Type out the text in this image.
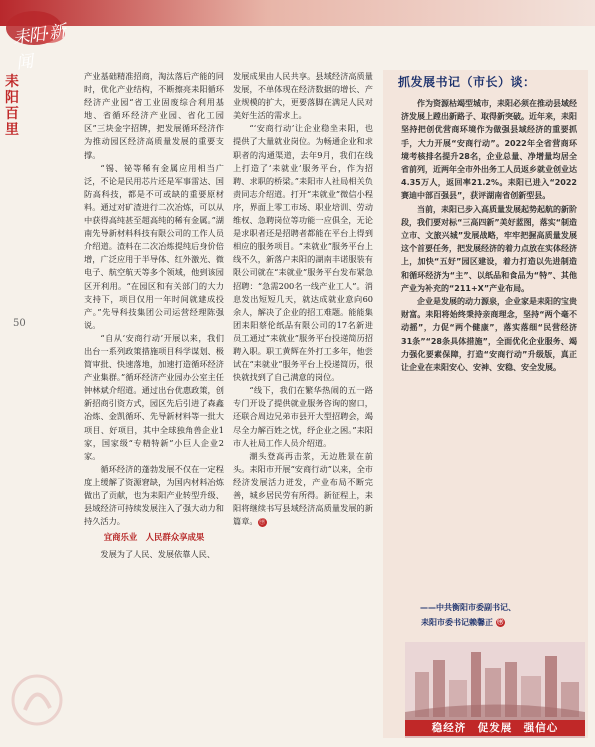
耒阳·新闻
耒阳百里
50

产业基础精准招商，淘汰落后产能的同时，优化产业结构，不断擦亮耒阳循环经济产业园“省工业固废综合利用基地、省循环经济产业园、省化工园区”三块金字招牌，把发展循环经济作为推动园区经济高质量发展的重要支撑。

“锡、铋等稀有金属应用相当广泛，不论是民用芯片还是军事雷达、国防高科技，都是不可或缺的重要原材料。通过对矿渣进行二次冶炼，可以从中获得高纯甚至超高纯的稀有金属。”湖南先导新材料科技有限公司的工作人员介绍道。渣料在二次冶炼提纯后身价倍增，广泛应用于半导体、红外激光、微电子、航空航天等多个领域，他到该园区开利用。“在园区和有关部门的大力支持下，项目仅用一年时间就建成投产。”先导科技集团公司运营经理陈强说。

“自从‘安商行动’开展以来，我们出台一系列政策措施项目科学谋划、极简审批、快速落地，加速打造循环经济产业集群。”循环经济产业园办公室主任钟林斌介绍道。通过出台优惠政策，创新招商引资方式，园区先后引进了森鑫冶炼、金凯循环、先导新材料等一批大项目、好项目，其中全球独角兽企业1家，国家级“专精特新”小巨人企业2家。

循环经济的蓬勃发展不仅在一定程度上缓解了资源窘缺，为国内材料冶炼做出了贡献，也为耒阳产业转型升级、县域经济可持续发展注入了强大动力和持久活力。

宜商乐业　人民群众享成果

发展为了人民、发展依靠人民、

发展成果由人民共享。县域经济高质量发展，不单体现在经济数据的增长、产业规模的扩大，更要落脚在满足人民对美好生活的需求上。

“‘安商行动’让企业稳坐耒阳，也提供了大量就业岗位。为畅通企业和求职者的沟通渠道，去年9月，我们在线上打造了‘耒就业’服务平台，作为招聘、求职的桥梁。”耒阳市人社局相关负责同志介绍道。打开“耒就业”微信小程序，界面上零工市场、职业培训、劳动维权、急聘岗位等功能一应俱全，无论是求职者还是招聘者都能在平台上得到相应的服务项目。“耒就业”服务平台上线不久，新落户耒阳的湖南丰诺服装有限公司就在“耒就业”服务平台发布紧急招聘：“急需200名一线产业工人”。消息发出短短几天，就达成就业意向60余人，解决了企业的招工难题。能能集团耒阳蔡伦纸品有限公司的17名新进员工通过“耒就业”服务平台投递简历招聘入职。职工黄辉在外打工多年，他尝试在“耒就业”服务平台上投递简历，很快就找到了自己满意的岗位。

“线下，我们在繁华热闹的五一路专门开设了提供就业服务咨询的窗口，还联合周边兄弟市县开大型招聘会，竭尽全力解百姓之忧，纾企业之困。”耒阳市人社局工作人员介绍道。

潮头登高再击浆，无边胜景在前头。耒阳市开展“安商行动”以来，全市经济发展活力迸发，产业布局不断完善，城乡居民劳有所得。新征程上，耒阳将继续书写县域经济高质量发展的新篇章。㊥

抓发展书记（市长）谈：

作为资源枯竭型城市，耒阳必须在推动县域经济发展上蹚出新路子、取得新突破。近年来，耒阳坚持把创优营商环境作为做强县域经济的重要抓手，大力开展“安商行动”。2022年全省营商环境考核排名提升28名，企业总量、净增量均居全省前列，近两年全市外出务工人员返乡就业创业达4.35万人，返回率21.2%。耒阳已进入“2022赛迪中部百强县”，获评湖南省创新型县。

当前，耒阳已步入高质量发展起势起航的新阶段，我们要对标“三高四新”美好蓝图，落实“制造立市、文旅兴城”发展战略，牢牢把握高质量发展这个首要任务，把发展经济的着力点放在实体经济上，加快“五好”园区建设，着力打造以先进制造和循环经济为“主”、以纸品和食品为“特”、其他产业为补充的“211+X”产业布局。

企业是发展的动力源泉，企业家是耒阳的宝贵财富。耒阳将始终秉持亲商理念，坚持“两个毫不动摇”，力促“两个健康”，落实落细“民营经济31条”“28条具体措施”，全面优化企业服务、竭力强化要素保障，打造“安商行动”升级版，真正让企业在耒阳安心、安神、安稳、安全发展。

——中共衡阳市委副书记、
耒阳市委书记赖馨正 ㊥
稳经济　促发展　强信心
